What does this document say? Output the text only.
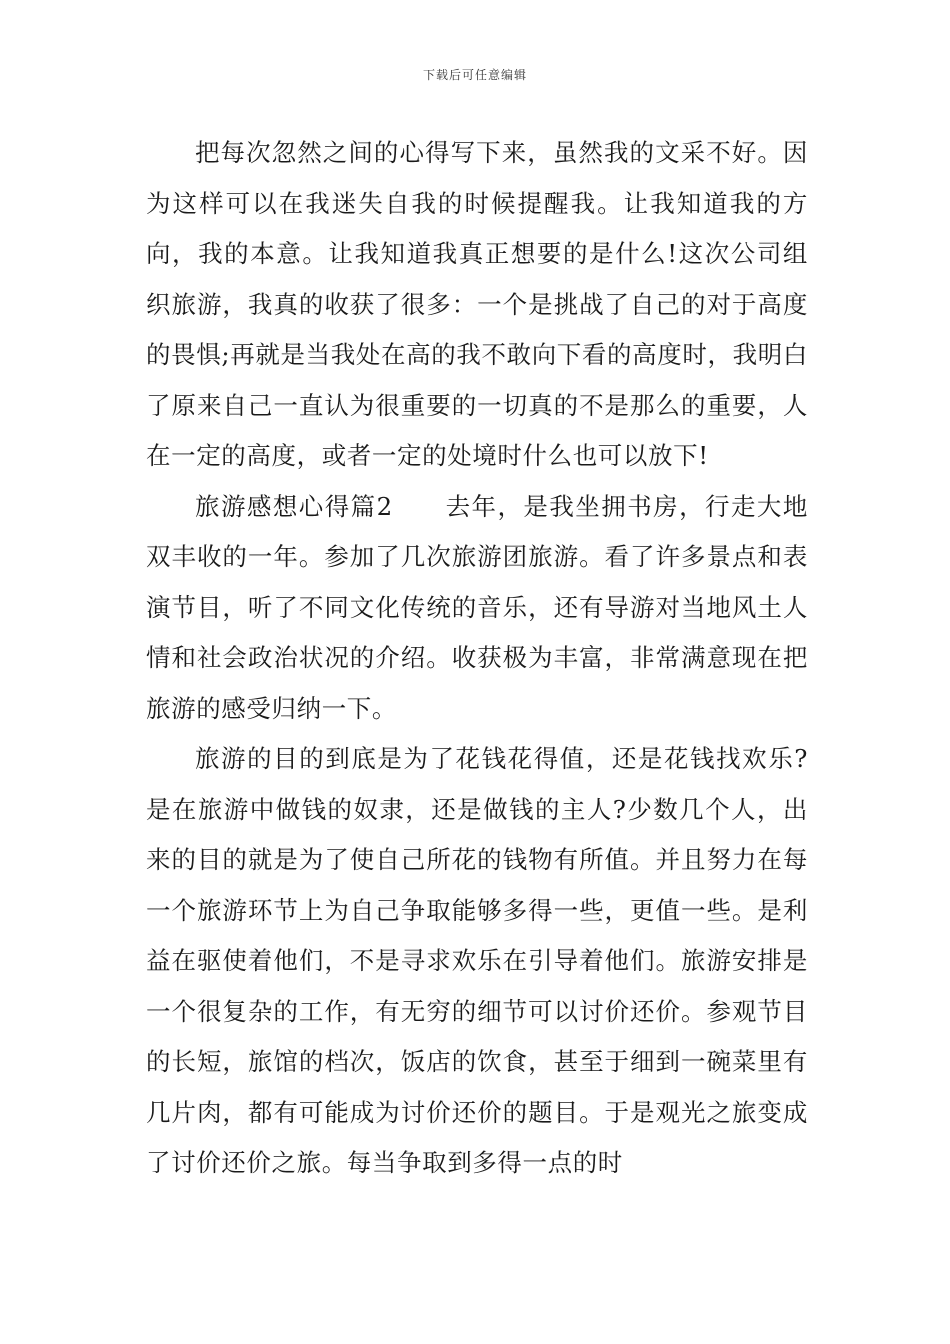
下载后可任意编辑

把每次忽然之间的心得写下来，虽然我的文采不好。因为这样可以在我迷失自我的时候提醒我。让我知道我的方向，我的本意。让我知道我真正想要的是什么!这次公司组织旅游，我真的收获了很多：一个是挑战了自己的对于高度的畏惧;再就是当我处在高的我不敢向下看的高度时，我明白了原来自己一直认为很重要的一切真的不是那么的重要，人在一定的高度，或者一定的处境时什么也可以放下!

旅游感想心得篇2　　去年，是我坐拥书房，行走大地双丰收的一年。参加了几次旅游团旅游。看了许多景点和表演节目，听了不同文化传统的音乐，还有导游对当地风土人情和社会政治状况的介绍。收获极为丰富，非常满意现在把旅游的感受归纳一下。

旅游的目的到底是为了花钱花得值，还是花钱找欢乐?是在旅游中做钱的奴隶，还是做钱的主人?少数几个人，出来的目的就是为了使自己所花的钱物有所值。并且努力在每一个旅游环节上为自己争取能够多得一些，更值一些。是利益在驱使着他们，不是寻求欢乐在引导着他们。旅游安排是一个很复杂的工作，有无穷的细节可以讨价还价。参观节目的长短，旅馆的档次，饭店的饮食，甚至于细到一碗菜里有几片肉，都有可能成为讨价还价的题目。于是观光之旅变成了讨价还价之旅。每当争取到多得一点的时
